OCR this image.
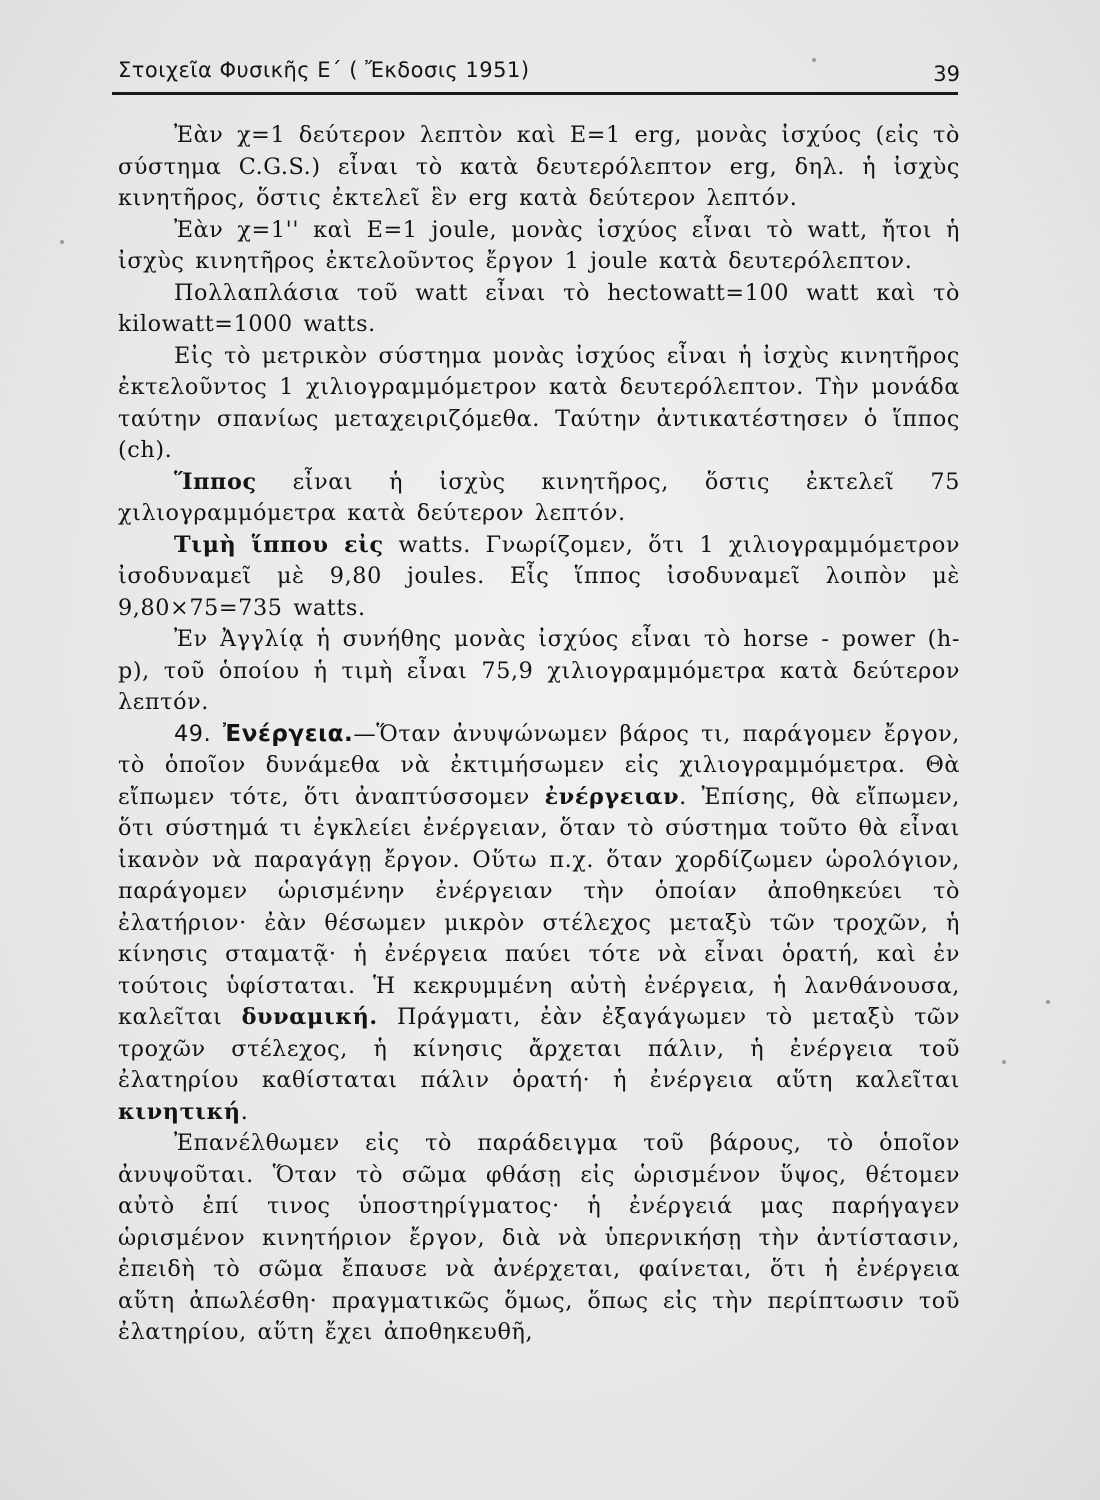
Στοιχεῖα Φυσικῆς Ε΄ ( Ἔκδοσις 1951)	39

Ἐὰν χ=1 δεύτερον λεπτὸν καὶ E=1 erg, μονὰς ἰσχύος (εἰς τὸ σύστημα C.G.S.) εἶναι τὸ κατὰ δευτερόλεπτον erg, δηλ. ἡ ἰσχὺς κινητῆρος, ὅστις ἐκτελεῖ ἓν erg κατὰ δεύτερον λεπτόν.

Ἐὰν χ=1'' καὶ E=1 joule, μονὰς ἰσχύος εἶναι τὸ watt, ἤτοι ἡ ἰσχὺς κινητῆρος ἐκτελοῦντος ἔργον 1 joule κατὰ δευτερόλεπτον.

Πολλαπλάσια τοῦ watt εἶναι τὸ hectowatt=100 watt καὶ τὸ kilowatt=1000 watts.

Εἰς τὸ μετρικὸν σύστημα μονὰς ἰσχύος εἶναι ἡ ἰσχὺς κινητῆρος ἐκτελοῦντος 1 χιλιογραμμόμετρον κατὰ δευτερόλεπτον. Τὴν μονάδα ταύτην σπανίως μεταχειριζόμεθα. Ταύτην ἀντικατέστησεν ὁ ἵππος (ch).

Ἵππος εἶναι ἡ ἰσχὺς κινητῆρος, ὅστις ἐκτελεῖ 75 χιλιογραμμόμετρα κατὰ δεύτερον λεπτόν.

Τιμὴ ἵππου εἰς watts. Γνωρίζομεν, ὅτι 1 χιλιογραμμόμετρον ἰσοδυναμεῖ μὲ 9,80 joules. Εἷς ἵππος ἰσοδυναμεῖ λοιπὸν μὲ 9,80×75=735 watts.

Ἐν Ἀγγλίᾳ ἡ συνήθης μονὰς ἰσχύος εἶναι τὸ horse - power (h-p), τοῦ ὁποίου ἡ τιμὴ εἶναι 75,9 χιλιογραμμόμετρα κατὰ δεύτερον λεπτόν.

49. Ἐνέργεια.—Ὅταν ἀνυψώνωμεν βάρος τι, παράγομεν ἔργον, τὸ ὁποῖον δυνάμεθα νὰ ἐκτιμήσωμεν εἰς χιλιογραμμόμετρα. Θὰ εἴπωμεν τότε, ὅτι ἀναπτύσσομεν ἐνέργειαν. Ἐπίσης, θὰ εἴπωμεν, ὅτι σύστημά τι ἐγκλείει ἐνέργειαν, ὅταν τὸ σύστημα τοῦτο θὰ εἶναι ἱκανὸν νὰ παραγάγῃ ἔργον. Οὕτω π.χ. ὅταν χορδίζωμεν ὡρολόγιον, παράγομεν ὡρισμένην ἐνέργειαν τὴν ὁποίαν ἀποθηκεύει τὸ ἐλατήριον· ἐὰν θέσωμεν μικρὸν στέλεχος μεταξὺ τῶν τροχῶν, ἡ κίνησις σταματᾷ· ἡ ἐνέργεια παύει τότε νὰ εἶναι ὁρατή, καὶ ἐν τούτοις ὑφίσταται. Ἡ κεκρυμμένη αὐτὴ ἐνέργεια, ἡ λανθάνουσα, καλεῖται δυναμική. Πράγματι, ἐὰν ἐξαγάγωμεν τὸ μεταξὺ τῶν τροχῶν στέλεχος, ἡ κίνησις ἄρχεται πάλιν, ἡ ἐνέργεια τοῦ ἐλατηρίου καθίσταται πάλιν ὁρατή· ἡ ἐνέργεια αὕτη καλεῖται κινητική.

Ἐπανέλθωμεν εἰς τὸ παράδειγμα τοῦ βάρους, τὸ ὁποῖον ἀνυψοῦται. Ὅταν τὸ σῶμα φθάσῃ εἰς ὡρισμένον ὕψος, θέτομεν αὐτὸ ἐπί τινος ὑποστηρίγματος· ἡ ἐνέργειά μας παρήγαγεν ὡρισμένον κινητήριον ἔργον, διὰ νὰ ὑπερνικήσῃ τὴν ἀντίστασιν, ἐπειδὴ τὸ σῶμα ἔπαυσε νὰ ἀνέρχεται, φαίνεται, ὅτι ἡ ἐνέργεια αὕτη ἀπωλέσθη· πραγματικῶς ὅμως, ὅπως εἰς τὴν περίπτωσιν τοῦ ἐλατηρίου, αὕτη ἔχει ἀποθηκευθῆ,
